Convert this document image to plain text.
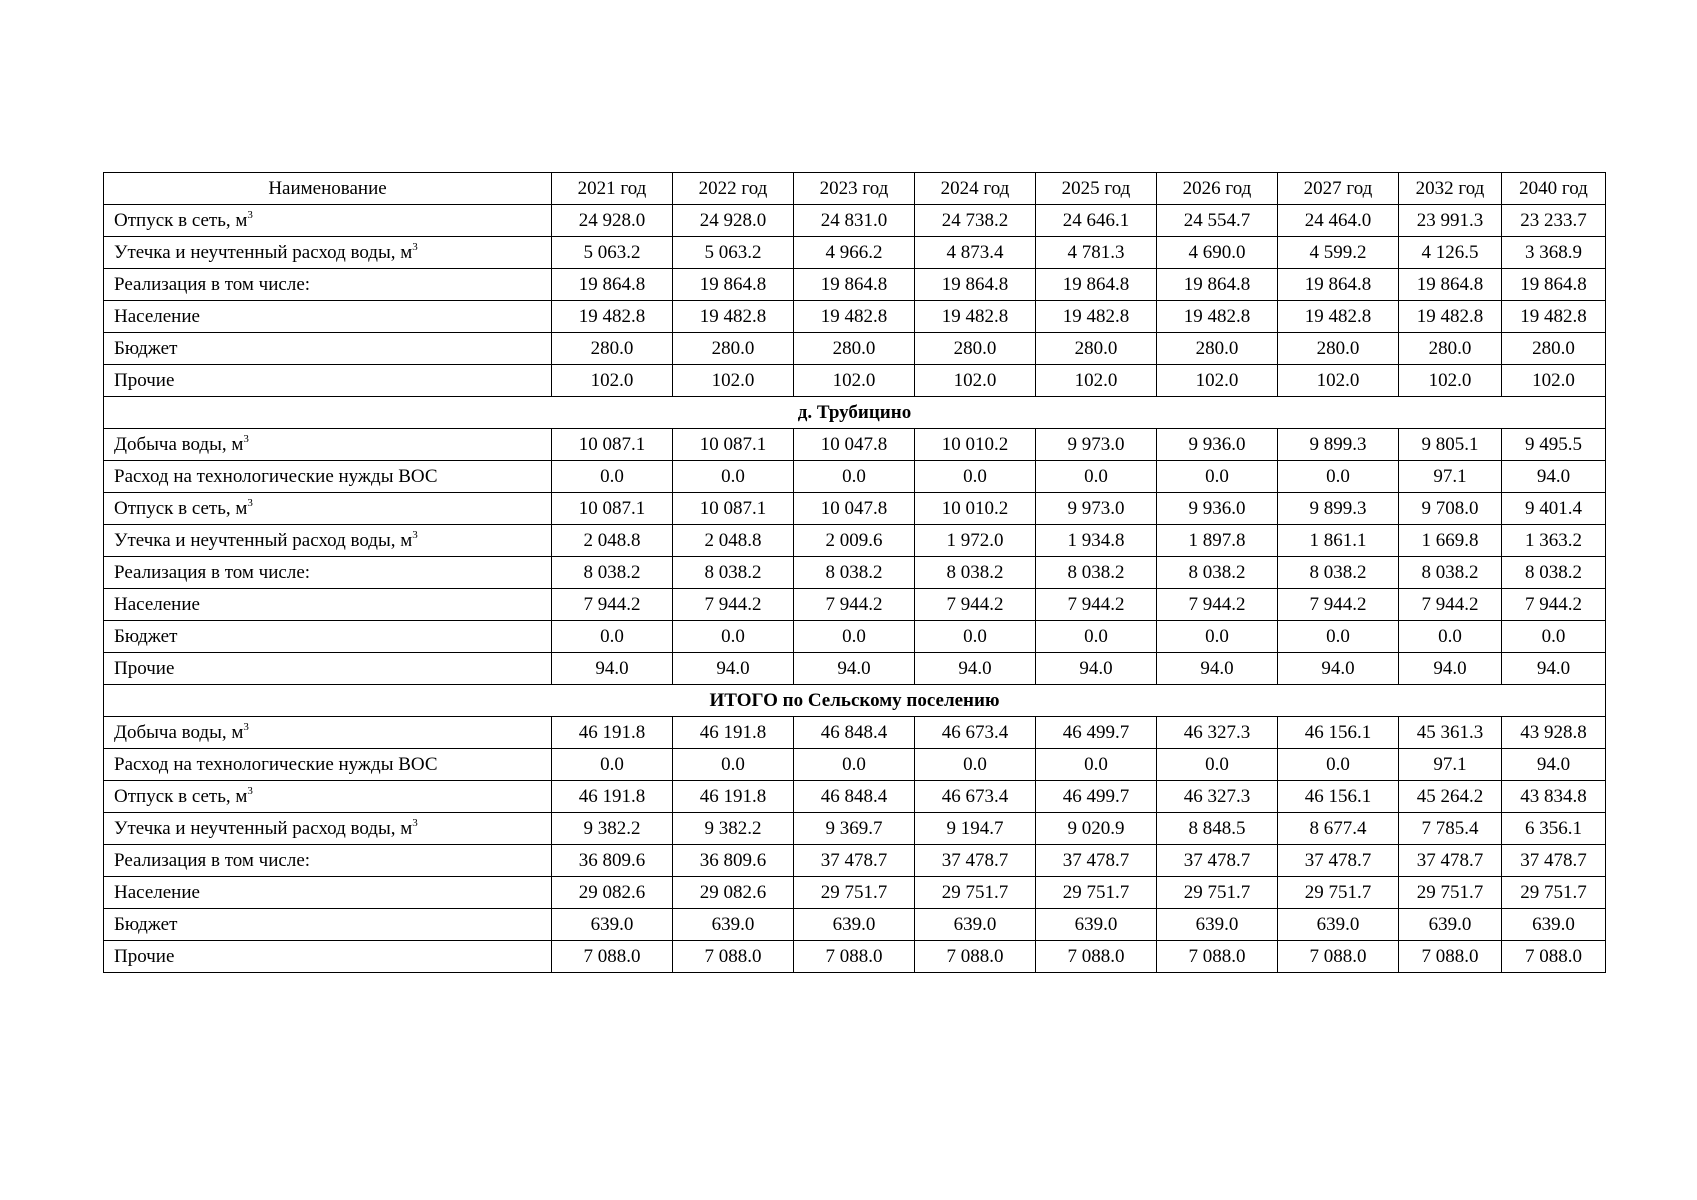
Наименование	2021 год	2022 год	2023 год	2024 год	2025 год	2026 год	2027 год	2032 год	2040 год
Отпуск в сеть, $м^3$	24 928.0	24 928.0	24 831.0	24 738.2	24 646.1	24 554.7	24 464.0	23 991.3	23 233.7
Утечка и неучтенный расход воды, $м^3$	5 063.2	5 063.2	4 966.2	4 873.4	4 781.3	4 690.0	4 599.2	4 126.5	3 368.9
Реализация в том числе:	19 864.8	19 864.8	19 864.8	19 864.8	19 864.8	19 864.8	19 864.8	19 864.8	19 864.8
Население	19 482.8	19 482.8	19 482.8	19 482.8	19 482.8	19 482.8	19 482.8	19 482.8	19 482.8
Бюджет	280.0	280.0	280.0	280.0	280.0	280.0	280.0	280.0	280.0
Прочие	102.0	102.0	102.0	102.0	102.0	102.0	102.0	102.0	102.0
д. Трубицино									
Добыча воды, $м^3$	10 087.1	10 087.1	10 047.8	10 010.2	9 973.0	9 936.0	9 899.3	9 805.1	9 495.5
Расход на технологические нужды ВОС	0.0	0.0	0.0	0.0	0.0	0.0	0.0	97.1	94.0
Отпуск в сеть, $м^3$	10 087.1	10 087.1	10 047.8	10 010.2	9 973.0	9 936.0	9 899.3	9 708.0	9 401.4
Утечка и неучтенный расход воды, $м^3$	2 048.8	2 048.8	2 009.6	1 972.0	1 934.8	1 897.8	1 861.1	1 669.8	1 363.2
Реализация в том числе:	8 038.2	8 038.2	8 038.2	8 038.2	8 038.2	8 038.2	8 038.2	8 038.2	8 038.2
Население	7 944.2	7 944.2	7 944.2	7 944.2	7 944.2	7 944.2	7 944.2	7 944.2	7 944.2
Бюджет	0.0	0.0	0.0	0.0	0.0	0.0	0.0	0.0	0.0
Прочие	94.0	94.0	94.0	94.0	94.0	94.0	94.0	94.0	94.0
ИТОГО по Сельскому поселению									
Добыча воды, $м^3$	46 191.8	46 191.8	46 848.4	46 673.4	46 499.7	46 327.3	46 156.1	45 361.3	43 928.8
Расход на технологические нужды ВОС	0.0	0.0	0.0	0.0	0.0	0.0	0.0	97.1	94.0
Отпуск в сеть, $м^3$	46 191.8	46 191.8	46 848.4	46 673.4	46 499.7	46 327.3	46 156.1	45 264.2	43 834.8
Утечка и неучтенный расход воды, $м^3$	9 382.2	9 382.2	9 369.7	9 194.7	9 020.9	8 848.5	8 677.4	7 785.4	6 356.1
Реализация в том числе:	36 809.6	36 809.6	37 478.7	37 478.7	37 478.7	37 478.7	37 478.7	37 478.7	37 478.7
Население	29 082.6	29 082.6	29 751.7	29 751.7	29 751.7	29 751.7	29 751.7	29 751.7	29 751.7
Бюджет	639.0	639.0	639.0	639.0	639.0	639.0	639.0	639.0	639.0
Прочие	7 088.0	7 088.0	7 088.0	7 088.0	7 088.0	7 088.0	7 088.0	7 088.0	7 088.0
